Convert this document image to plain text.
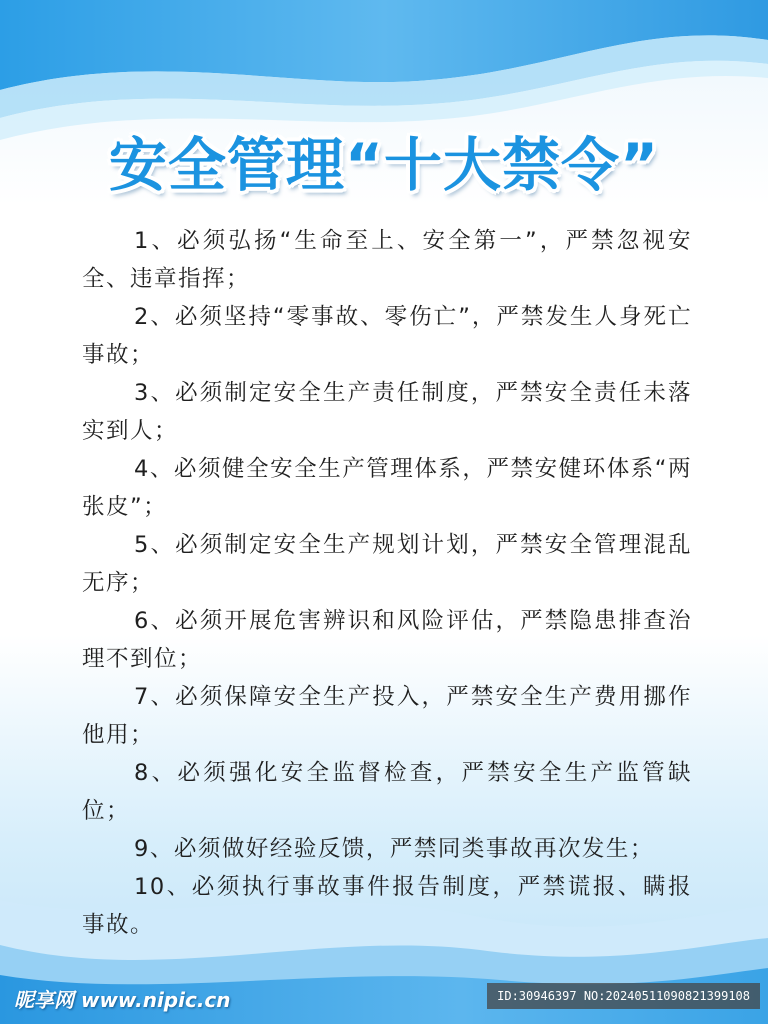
安全管理“十大禁令”

1、必须弘扬“生命至上、安全第一”，严禁忽视安全、违章指挥；

2、必须坚持“零事故、零伤亡”，严禁发生人身死亡事故；

3、必须制定安全生产责任制度，严禁安全责任未落实到人；

4、必须健全安全生产管理体系，严禁安健环体系“两张皮”；

5、必须制定安全生产规划计划，严禁安全管理混乱无序；

6、必须开展危害辨识和风险评估，严禁隐患排查治理不到位；

7、必须保障安全生产投入，严禁安全生产费用挪作他用；

8、必须强化安全监督检查，严禁安全生产监管缺位；

9、必须做好经验反馈，严禁同类事故再次发生；

10、必须执行事故事件报告制度，严禁谎报、瞒报事故。

昵享网 www.nipic.cn	ID:30946397 NO:20240511090821399108
